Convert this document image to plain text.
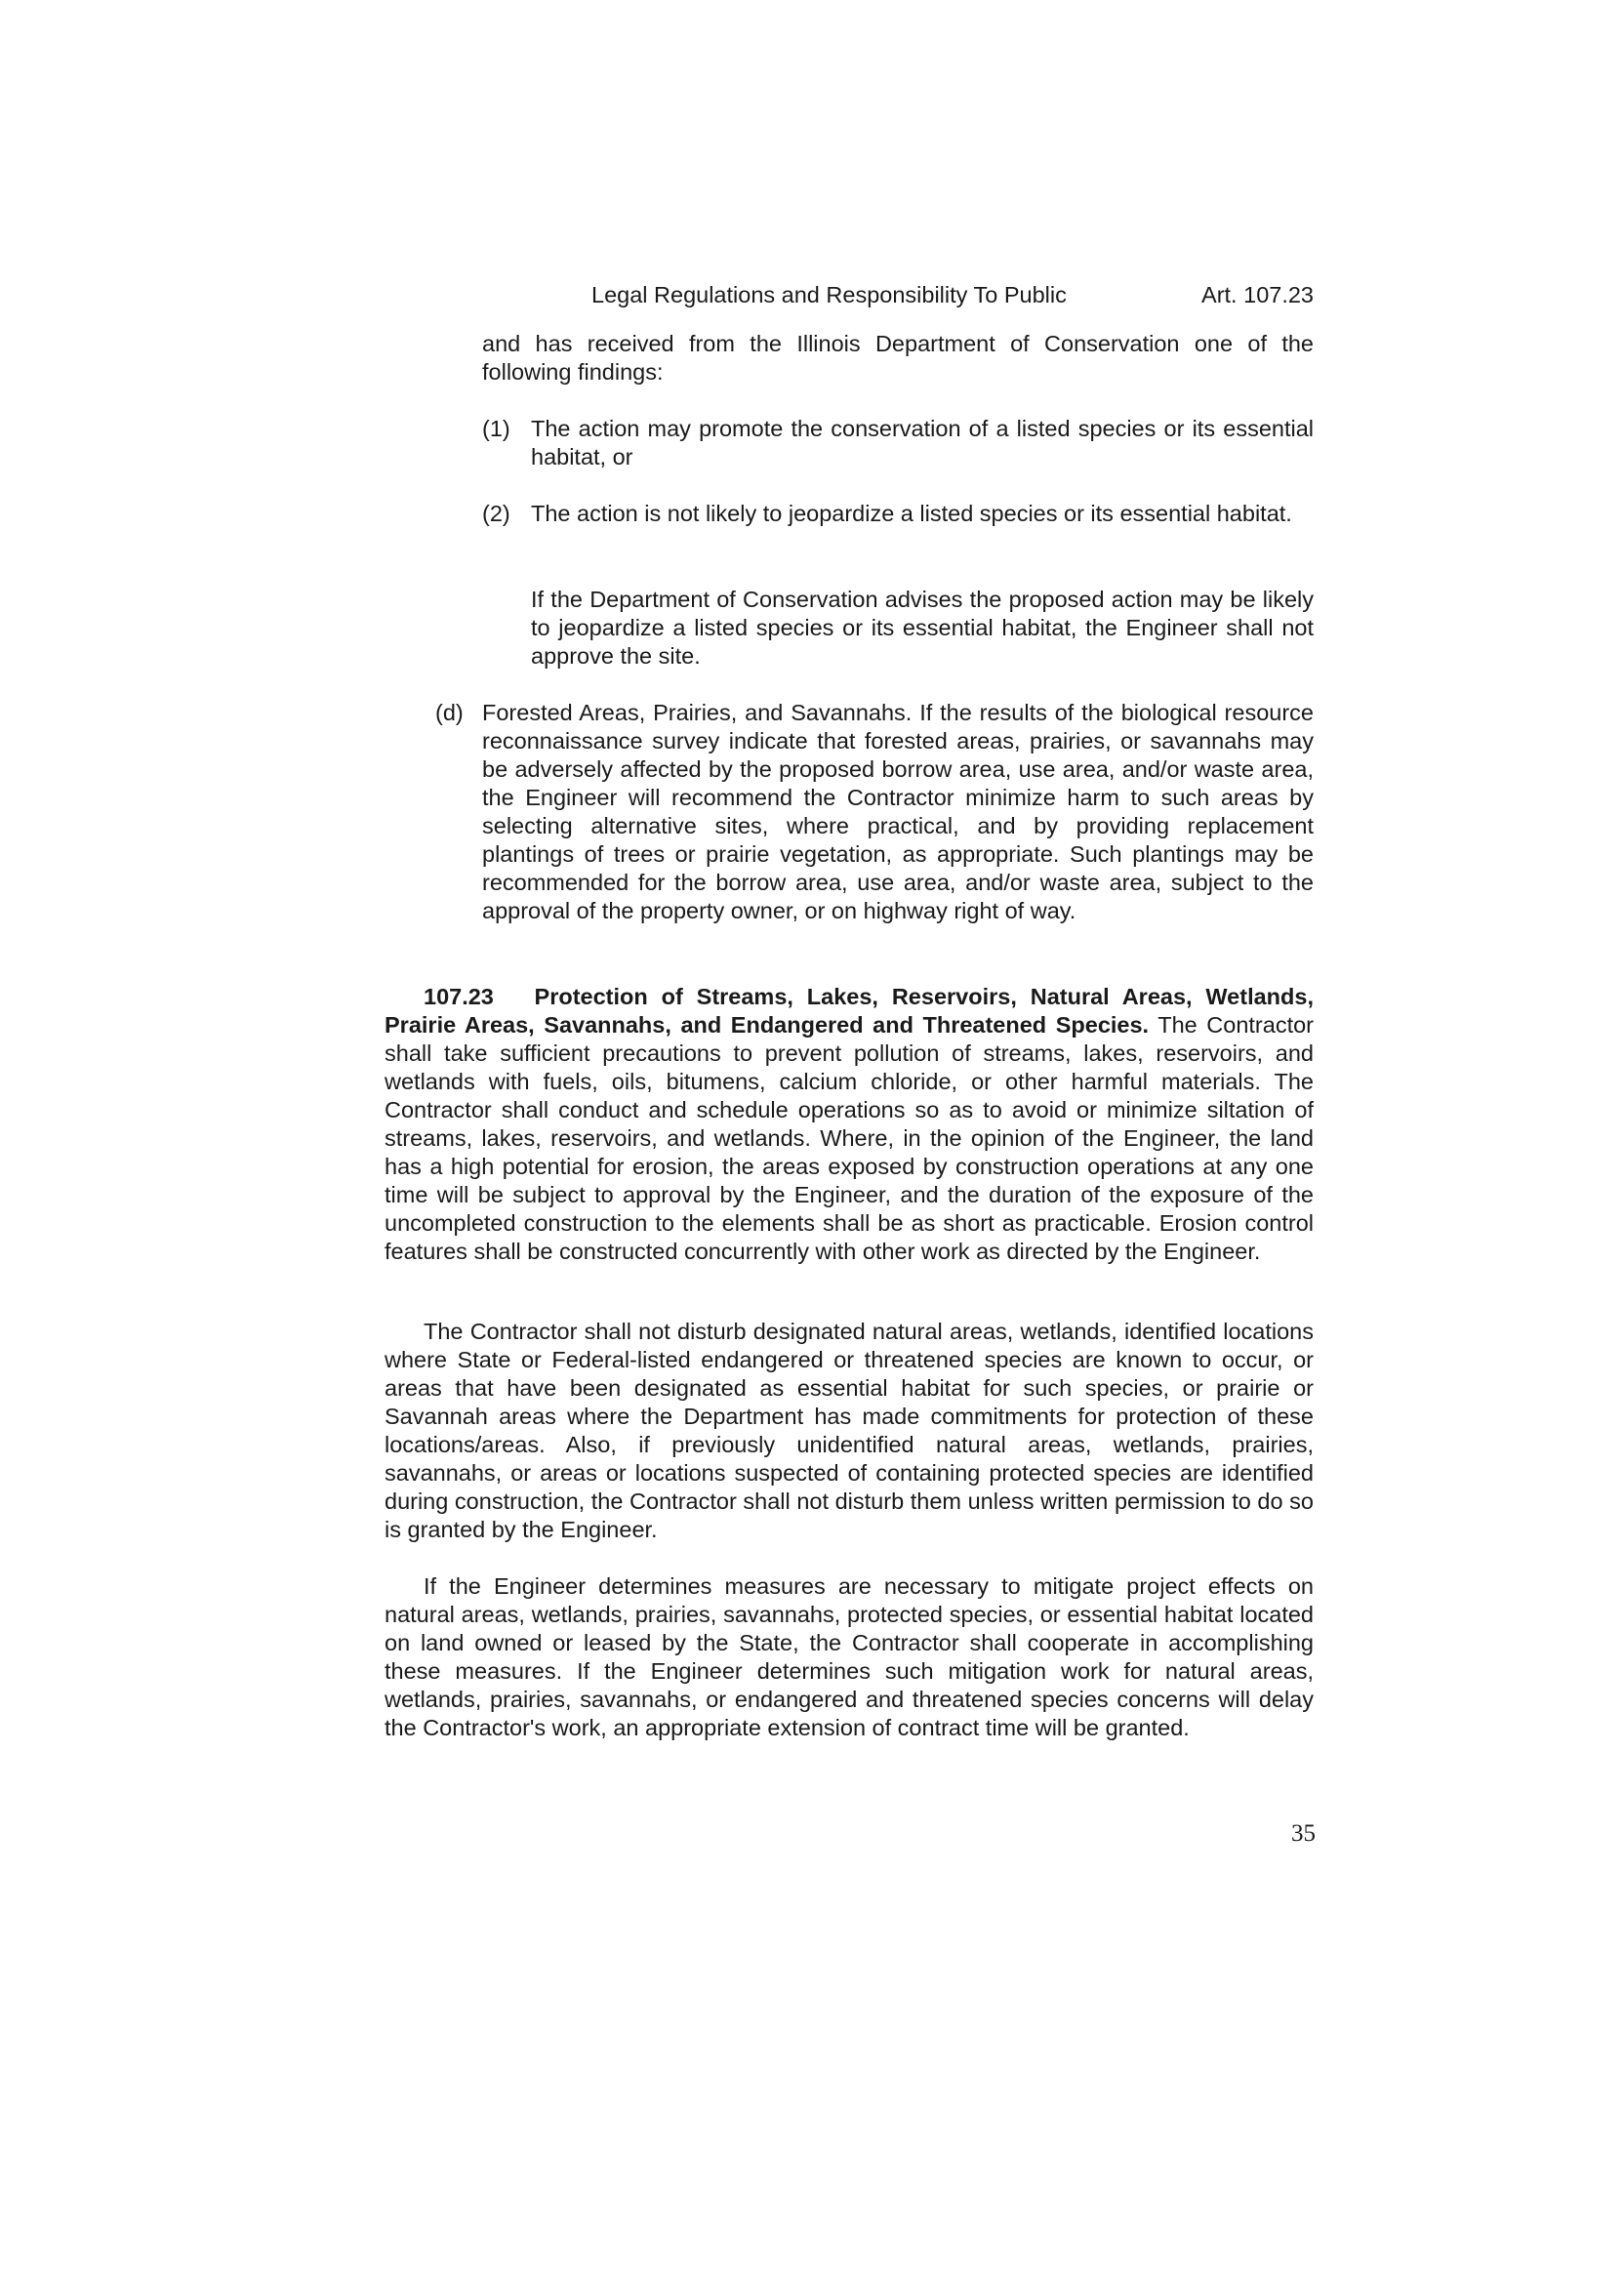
Legal Regulations and Responsibility To Public	Art. 107.23

and has received from the Illinois Department of Conservation one of the following findings:

(1) The action may promote the conservation of a listed species or its essential habitat, or

(2) The action is not likely to jeopardize a listed species or its essential habitat.

If the Department of Conservation advises the proposed action may be likely to jeopardize a listed species or its essential habitat, the Engineer shall not approve the site.

(d) Forested Areas, Prairies, and Savannahs. If the results of the biological resource reconnaissance survey indicate that forested areas, prairies, or savannahs may be adversely affected by the proposed borrow area, use area, and/or waste area, the Engineer will recommend the Contractor minimize harm to such areas by selecting alternative sites, where practical, and by providing replacement plantings of trees or prairie vegetation, as appropriate. Such plantings may be recommended for the borrow area, use area, and/or waste area, subject to the approval of the property owner, or on highway right of way.

107.23 Protection of Streams, Lakes, Reservoirs, Natural Areas, Wetlands, Prairie Areas, Savannahs, and Endangered and Threatened Species. The Contractor shall take sufficient precautions to prevent pollution of streams, lakes, reservoirs, and wetlands with fuels, oils, bitumens, calcium chloride, or other harmful materials. The Contractor shall conduct and schedule operations so as to avoid or minimize siltation of streams, lakes, reservoirs, and wetlands. Where, in the opinion of the Engineer, the land has a high potential for erosion, the areas exposed by construction operations at any one time will be subject to approval by the Engineer, and the duration of the exposure of the uncompleted construction to the elements shall be as short as practicable. Erosion control features shall be constructed concurrently with other work as directed by the Engineer.

The Contractor shall not disturb designated natural areas, wetlands, identified locations where State or Federal-listed endangered or threatened species are known to occur, or areas that have been designated as essential habitat for such species, or prairie or Savannah areas where the Department has made commitments for protection of these locations/areas. Also, if previously unidentified natural areas, wetlands, prairies, savannahs, or areas or locations suspected of containing protected species are identified during construction, the Contractor shall not disturb them unless written permission to do so is granted by the Engineer.

If the Engineer determines measures are necessary to mitigate project effects on natural areas, wetlands, prairies, savannahs, protected species, or essential habitat located on land owned or leased by the State, the Contractor shall cooperate in accomplishing these measures. If the Engineer determines such mitigation work for natural areas, wetlands, prairies, savannahs, or endangered and threatened species concerns will delay the Contractor's work, an appropriate extension of contract time will be granted.

35
